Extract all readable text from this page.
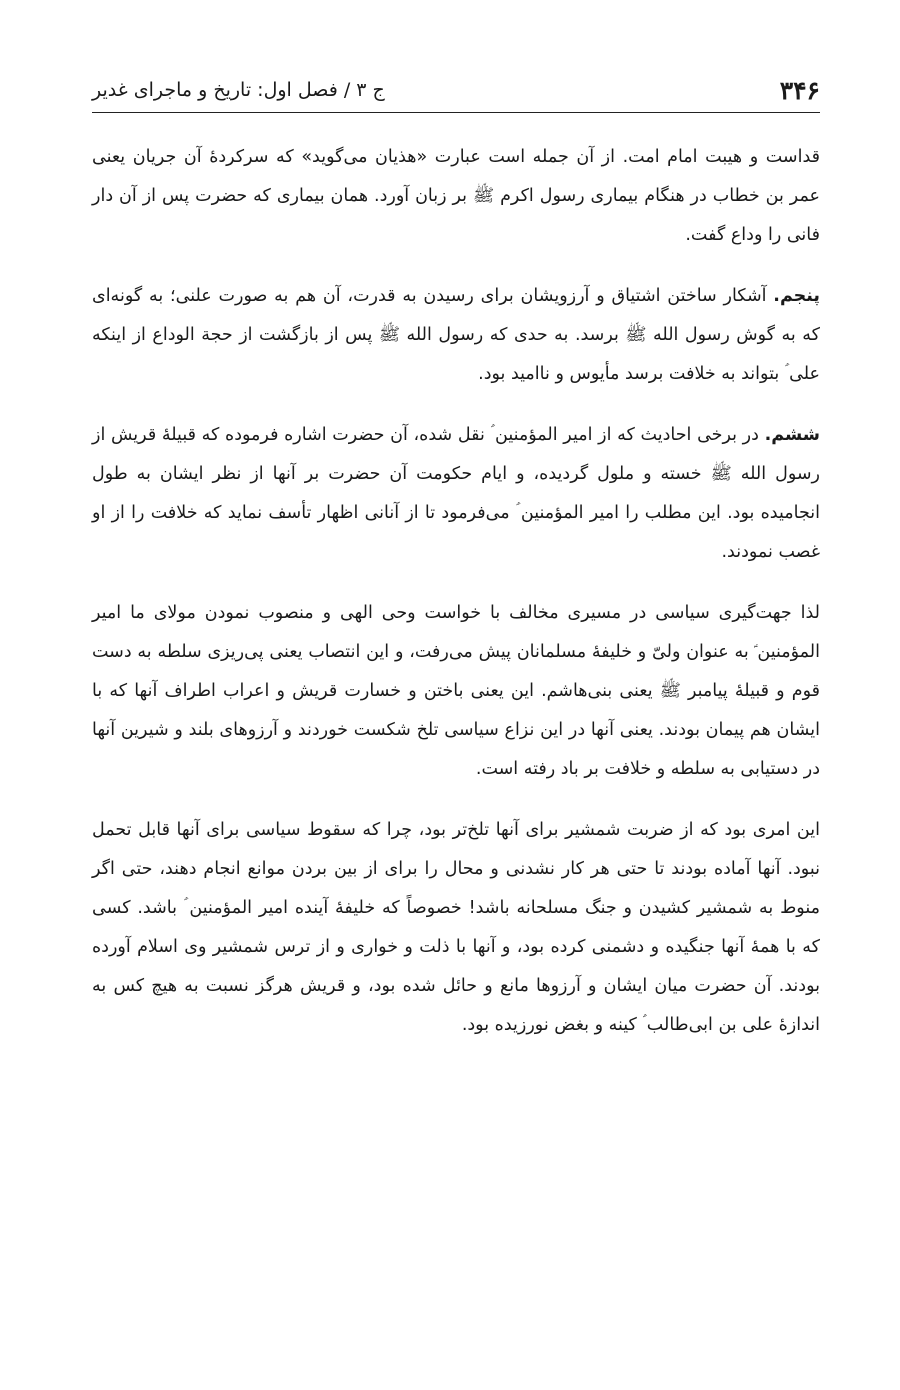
۳۴۶
ج ۳ / فصل اول: تاریخ و ماجرای غدیر

قداست و هیبت امام امت. از آن جمله است عبارت «هذیان می‌گوید» که سرکردۀ آن جریان یعنی عمر بن خطاب در هنگام بیماری رسول اکرم ﷺ بر زبان آورد. همان بیماری که حضرت پس از آن دار فانی را وداع گفت.

پنجم. آشکار ساختن اشتیاق و آرزویشان برای رسیدن به قدرت، آن هم به صورت علنی؛ به گونه‌ای که به گوش رسول الله ﷺ برسد. به حدی که رسول الله ﷺ پس از بازگشت از حجة الوداع از اینکه علی ؑ بتواند به خلافت برسد مأیوس و ناامید بود.

ششم. در برخی احادیث که از امیر المؤمنین ؑ نقل شده، آن حضرت اشاره فرموده که قبیلۀ قریش از رسول الله ﷺ خسته و ملول گردیده، و ایام حکومت آن حضرت بر آنها از نظر ایشان به طول انجامیده بود. این مطلب را امیر المؤمنین ؑ می‌فرمود تا از آنانی اظهار تأسف نماید که خلافت را از او غصب نمودند.

لذا جهت‌گیری سیاسی در مسیری مخالف با خواست وحی الهی و منصوب نمودن مولای ما امیر المؤمنین ؑ به عنوان ولیّ و خلیفۀ مسلمانان پیش می‌رفت، و این انتصاب یعنی پی‌ریزی سلطه به دست قوم و قبیلۀ پیامبر ﷺ یعنی بنی‌هاشم. این یعنی باختن و خسارت قریش و اعراب اطراف آنها که با ایشان هم پیمان بودند. یعنی آنها در این نزاع سیاسی تلخ شکست خوردند و آرزوهای بلند و شیرین آنها در دستیابی به سلطه و خلافت بر باد رفته است.

این امری بود که از ضربت شمشیر برای آنها تلخ‌تر بود، چرا که سقوط سیاسی برای آنها قابل تحمل نبود. آنها آماده بودند تا حتی هر کار نشدنی و محال را برای از بین بردن موانع انجام دهند، حتی اگر منوط به شمشیر کشیدن و جنگ مسلحانه باشد! خصوصاً که خلیفۀ آینده امیر المؤمنین ؑ باشد. کسی که با همۀ آنها جنگیده و دشمنی کرده بود، و آنها با ذلت و خواری و از ترس شمشیر وی اسلام آورده بودند. آن حضرت میان ایشان و آرزوها مانع و حائل شده بود، و قریش هرگز نسبت به هیچ کس به اندازۀ علی بن ابی‌طالب ؑ کینه و بغض نورزیده بود.
